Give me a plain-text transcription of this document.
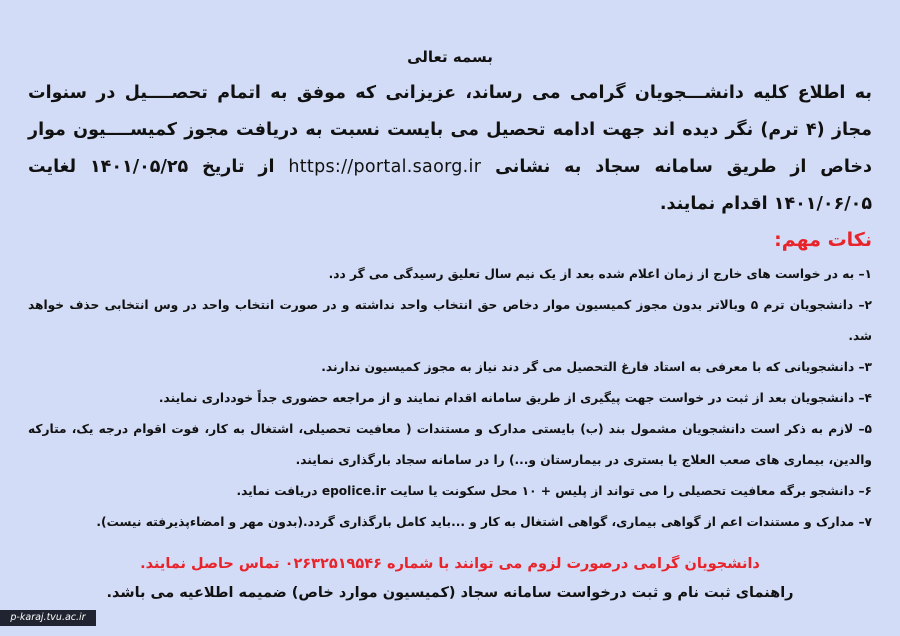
بسمه تعالی

به اطلاع کلیه دانشـــجویان گرامی می رساند، عزیزانی که موفق به اتمام تحصــــیل در سنوات مجاز (۴ ترم) نگر دیده اند جهت ادامه تحصیل می بایست نسبت به دریافت مجوز کمیســــیون موار دخاص از طریق سامانه سجاد به نشانی https://portal.saorg.ir از تاریخ ۱۴۰۱/۰۵/۲۵ لغایت ۱۴۰۱/۰۶/۰۵ اقدام نمایند.

نکات مهم:
۱– به در خواست های خارج از زمان اعلام شده بعد از یک نیم سال تعلیق رسیدگی می گر دد.
۲– دانشجویان ترم ۵ وبالاتر بدون مجوز کمیسیون موار دخاص حق انتخاب واحد نداشته و در صورت انتخاب واحد در وس انتخابی حذف خواهد شد.
۳– دانشجویانی که با معرفی به استاد فارغ التحصیل می گر دند نیاز به مجوز کمیسیون ندارند.
۴– دانشجویان بعد از ثبت در خواست جهت پیگیری از طریق سامانه اقدام نمایند و از مراجعه حضوری جداً خودداری نمایند.
۵– لازم به ذکر است دانشجویان مشمول بند (ب) بایستی مدارک و مستندات ( معافیت تحصیلی، اشتغال به کار، فوت اقوام درجه یک، متارکه والدین، بیماری های صعب العلاج یا بستری در بیمارستان و...) را در سامانه سجاد بارگذاری نمایند.
۶– دانشجو برگه معافیت تحصیلی را می تواند از پلیس + ۱۰ محل سکونت یا سایت epolice.ir دریافت نماید.
۷– مدارک و مستندات اعم از گواهی بیماری، گواهی اشتغال به کار و ...باید کامل بارگذاری گردد.(بدون مهر و امضاءپذیرفته نیست).
دانشجویان گرامی درصورت لزوم می توانند با شماره ۰۲۶۳۲۵۱۹۵۴۶ تماس حاصل نمایند.
راهنمای ثبت نام و ثبت درخواست سامانه سجاد (کمیسیون موارد خاص) ضمیمه اطلاعیه می باشد.
p-karaj.tvu.ac.ir
